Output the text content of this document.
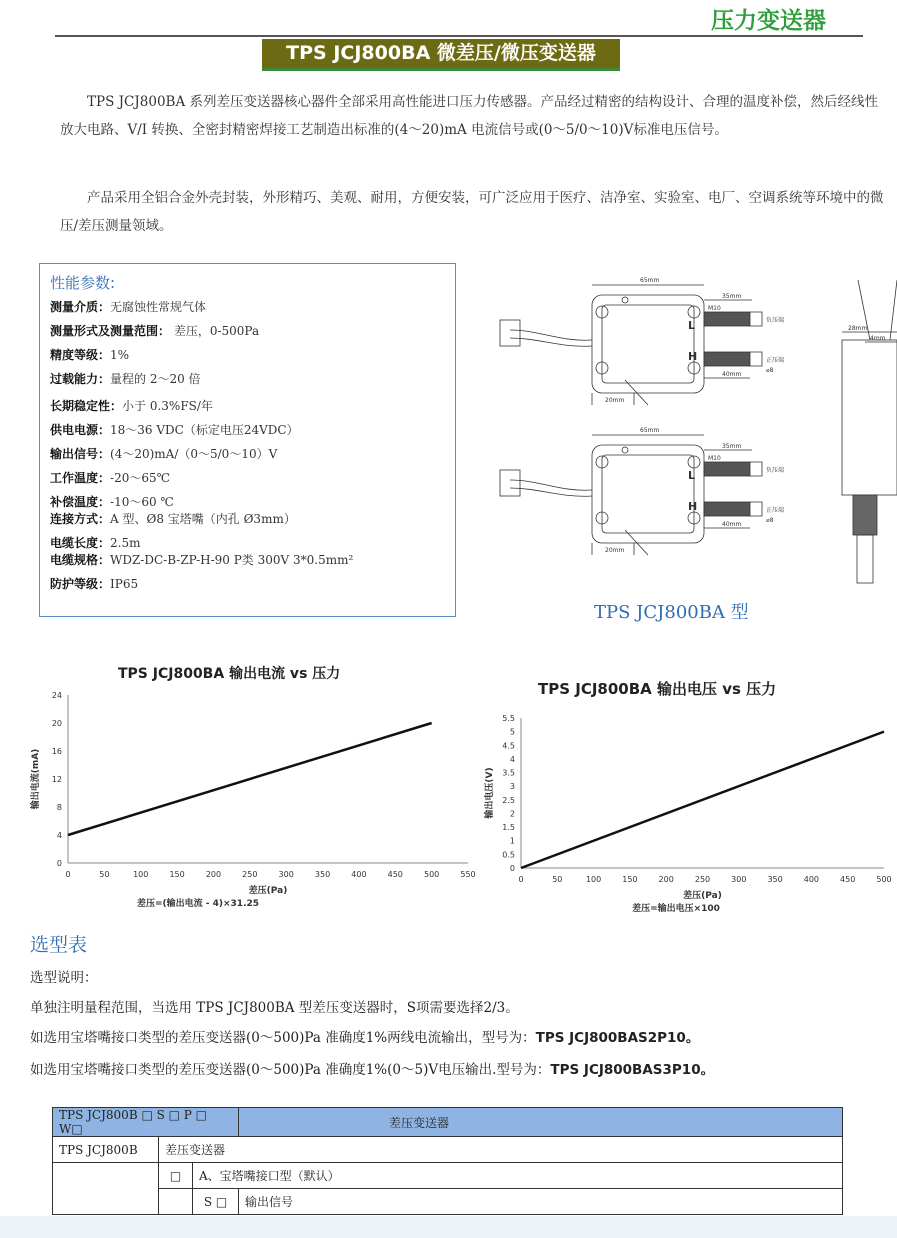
压力变送器
TPS JCJ800BA 微差压/微压变送器
  TPS JCJ800BA 系列差压变送器核心器件全部采用高性能进口压力传感器。产品经过精密的结构设计、合理的温度补偿，然后经线性放大电路、V/I 转换、全密封精密焊接工艺制造出标准的(4～20)mA 电流信号或(0～5/0～10)V标准电压信号。
  产品采用全铝合金外壳封装，外形精巧、美观、耐用，方便安装，可广泛应用于医疗、洁净室、实验室、电厂、空调系统等环境中的微压/差压测量领域。
性能参数:
测量介质：无腐蚀性常规气体
测量形式及测量范围： 差压，0-500Pa
精度等级：1%
过载能力：量程的 2～20 倍
长期稳定性：小于 0.3%FS/年
供电电源：18～36 VDC（标定电压24VDC）
输出信号：(4～20)mA/（0～5/0～10）V
工作温度：-20～65℃
补偿温度：-10～60 ℃
连接方式：A 型、Ø8 宝塔嘴（内孔 Ø3mm）
电缆长度：2.5m
电缆规格：WDZ-DC-B-ZP-H-90 P类 300V 3*0.5mm²
防护等级：IP65
65mm
35mm
40mm
20mm
M10
负压端
正压端
⌀8
65mm
35mm
40mm
20mm
M10
负压端
正压端
⌀8
28mm
4mm
L
H
L
H
TPS JCJ800BA 型
TPS JCJ800BA 输出电流 vs 压力
0	50	100	150	200	250	300	350	400	450	500	550
0
4
8
12
16
20
24
差压(Pa)
差压=(输出电流 - 4)×31.25
输出电流(mA)
TPS JCJ800BA 输出电压 vs 压力
0	50	100	150	200	250	300	350	400	450	500
0
0.5
1
1.5
2
2.5
3
3.5
4
4.5
5
5.5
差压(Pa)
差压=输出电压×100
输出电压(V)
选型表
选型说明：
单独注明量程范围，当选用 TPS JCJ800BA 型差压变送器时，S项需要选择2/3。
如选用宝塔嘴接口类型的差压变送器(0～500)Pa 准确度1%两线电流输出，型号为：TPS JCJ800BAS2P10。
如选用宝塔嘴接口类型的差压变送器(0～500)Pa 准确度1%(0～5)V电压输出.型号为：TPS JCJ800BAS3P10。
TPS JCJ800B □ S □ P □ W□			差压变送器
TPS JCJ800B	差压变送器		
	□	A、宝塔嘴接口型（默认）	
		S □	输出信号
